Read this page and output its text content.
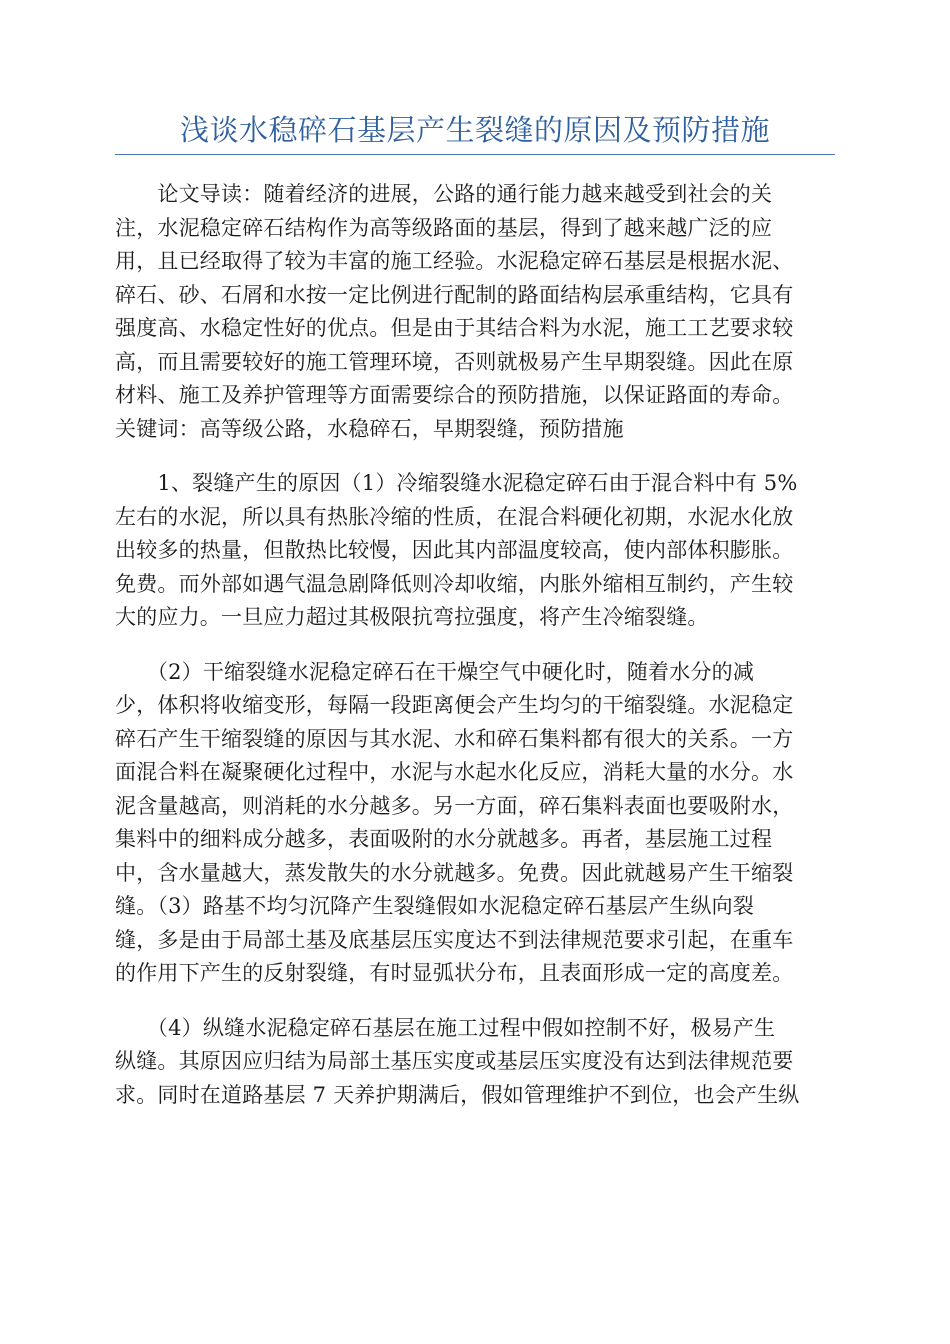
浅谈水稳碎石基层产生裂缝的原因及预防措施
　　论文导读：随着经济的进展，公路的通行能力越来越受到社会的关
注，水泥稳定碎石结构作为高等级路面的基层，得到了越来越广泛的应
用，且已经取得了较为丰富的施工经验。水泥稳定碎石基层是根据水泥、
碎石、砂、石屑和水按一定比例进行配制的路面结构层承重结构，它具有
强度高、水稳定性好的优点。但是由于其结合料为水泥，施工工艺要求较
高，而且需要较好的施工管理环境，否则就极易产生早期裂缝。因此在原
材料、施工及养护管理等方面需要综合的预防措施，以保证路面的寿命。
关键词：高等级公路，水稳碎石，早期裂缝，预防措施
　　1、裂缝产生的原因（1）冷缩裂缝水泥稳定碎石由于混合料中有 5%
左右的水泥，所以具有热胀冷缩的性质，在混合料硬化初期，水泥水化放
出较多的热量，但散热比较慢，因此其内部温度较高，使内部体积膨胀。
免费。而外部如遇气温急剧降低则冷却收缩，内胀外缩相互制约，产生较
大的应力。一旦应力超过其极限抗弯拉强度，将产生冷缩裂缝。
　　（2）干缩裂缝水泥稳定碎石在干燥空气中硬化时，随着水分的减
少，体积将收缩变形，每隔一段距离便会产生均匀的干缩裂缝。水泥稳定
碎石产生干缩裂缝的原因与其水泥、水和碎石集料都有很大的关系。一方
面混合料在凝聚硬化过程中，水泥与水起水化反应，消耗大量的水分。水
泥含量越高，则消耗的水分越多。另一方面，碎石集料表面也要吸附水，
集料中的细料成分越多，表面吸附的水分就越多。再者，基层施工过程
中，含水量越大，蒸发散失的水分就越多。免费。因此就越易产生干缩裂
缝。（3）路基不均匀沉降产生裂缝假如水泥稳定碎石基层产生纵向裂
缝，多是由于局部土基及底基层压实度达不到法律规范要求引起，在重车
的作用下产生的反射裂缝，有时显弧状分布，且表面形成一定的高度差。
　　（4）纵缝水泥稳定碎石基层在施工过程中假如控制不好，极易产生
纵缝。其原因应归结为局部土基压实度或基层压实度没有达到法律规范要
求。同时在道路基层 7 天养护期满后，假如管理维护不到位，也会产生纵
